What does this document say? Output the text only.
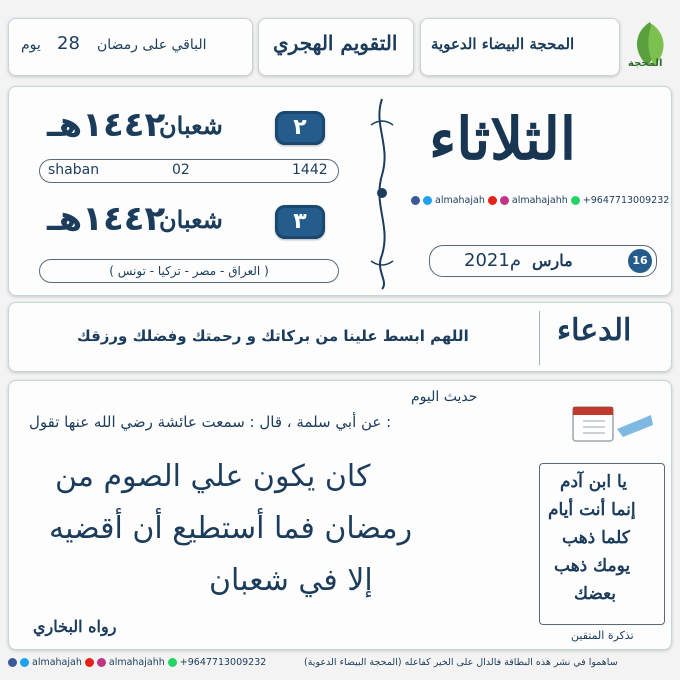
يوم 28 الباقي على رمضان	التقويم الهجري المحجة البيضاء الدعوية
المحجة
١٤٤٢هـ
شعبان	٢
shaban	02	1442
١٤٤٢هـ
شعبان	٣
( العراق - مصر - تركيا - تونس )
الثلاثاء
almahajah	almahajahh +9647713009232
2021م مارس	16
اللهم ابسط علينا من بركاتك و رحمتك وفضلك ورزقك	الدعاء
حديث اليوم
عن أبي سلمة ، قال : سمعت عائشة رضي الله عنها تقول :
كان يكون علي الصوم من
رمضان فما أستطيع أن أقضيه
إلا في شعبان
رواه البخاري
يا ابن آدم
إنما أنت أيام
كلما ذهب
يومك ذهب
بعضك
تذكرة المتقين
almahajah	almahajahh +9647713009232	(المحجة البيضاء الدعوية) ساهموا في نشر هذه البطاقة فالدال على الخير كفاعله
